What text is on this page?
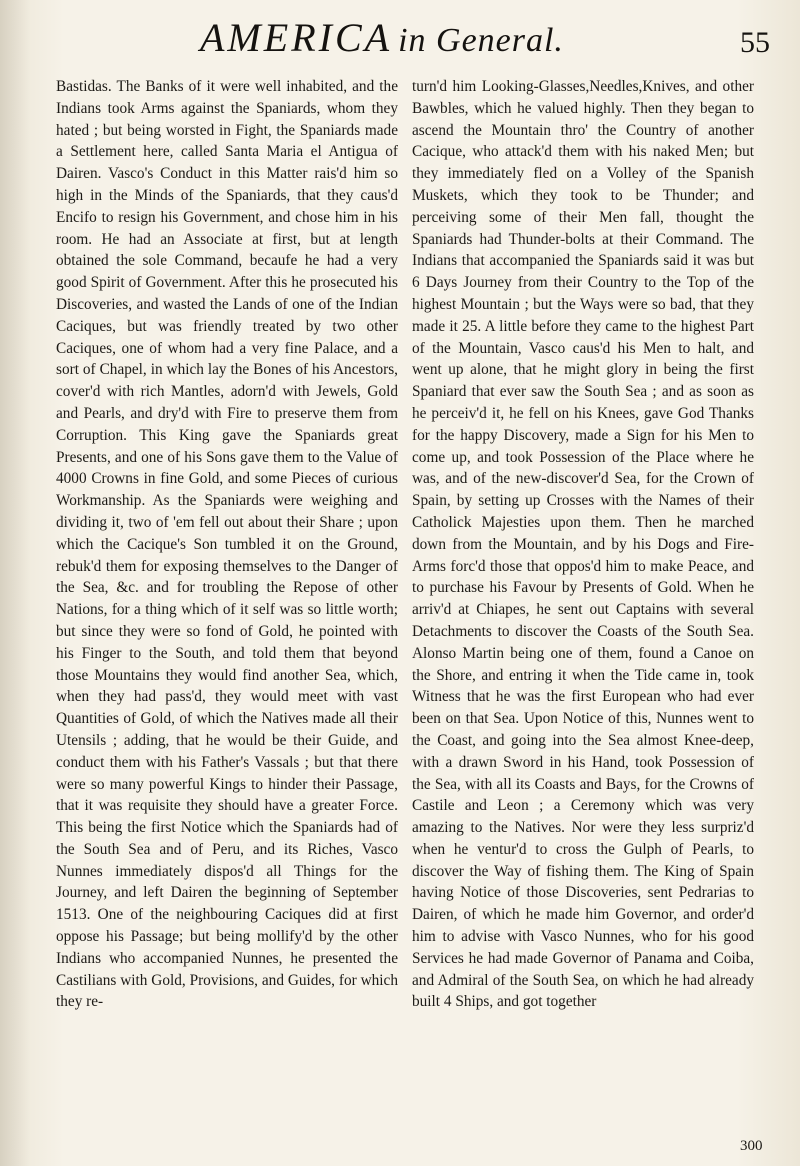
AMERICA in General.	55

Bastidas. The Banks of it were well inhabited, and the Indians took Arms against the Spaniards, whom they hated ; but being worsted in Fight, the Spaniards made a Settlement here, called Santa Maria el Antigua of Dairen. Vasco's Conduct in this Matter rais'd him so high in the Minds of the Spaniards, that they caus'd Encifo to resign his Government, and chose him in his room. He had an Associate at first, but at length obtained the sole Command, becaufe he had a very good Spirit of Government. After this he prosecuted his Discoveries, and wasted the Lands of one of the Indian Caciques, but was friendly treated by two other Caciques, one of whom had a very fine Palace, and a sort of Chapel, in which lay the Bones of his Ancestors, cover'd with rich Mantles, adorn'd with Jewels, Gold and Pearls, and dry'd with Fire to preserve them from Corruption. This King gave the Spaniards great Presents, and one of his Sons gave them to the Value of 4000 Crowns in fine Gold, and some Pieces of curious Workmanship. As the Spaniards were weighing and dividing it, two of 'em fell out about their Share ; upon which the Cacique's Son tumbled it on the Ground, rebuk'd them for exposing themselves to the Danger of the Sea, &c. and for troubling the Repose of other Nations, for a thing which of it self was so little worth; but since they were so fond of Gold, he pointed with his Finger to the South, and told them that beyond those Mountains they would find another Sea, which, when they had pass'd, they would meet with vast Quantities of Gold, of which the Natives made all their Utensils ; adding, that he would be their Guide, and conduct them with his Father's Vassals ; but that there were so many powerful Kings to hinder their Passage, that it was requisite they should have a greater Force. This being the first Notice which the Spaniards had of the South Sea and of Peru, and its Riches, Vasco Nunnes immediately dispos'd all Things for the Journey, and left Dairen the beginning of September 1513. One of the neighbouring Caciques did at first oppose his Passage; but being mollify'd by the other Indians who accompanied Nunnes, he presented the Castilians with Gold, Provisions, and Guides, for which they re-

turn'd him Looking-Glasses,Needles,Knives, and other Bawbles, which he valued highly. Then they began to ascend the Mountain thro' the Country of another Cacique, who attack'd them with his naked Men; but they immediately fled on a Volley of the Spanish Muskets, which they took to be Thunder; and perceiving some of their Men fall, thought the Spaniards had Thunder-bolts at their Command. The Indians that accompanied the Spaniards said it was but 6 Days Journey from their Country to the Top of the highest Mountain ; but the Ways were so bad, that they made it 25. A little before they came to the highest Part of the Mountain, Vasco caus'd his Men to halt, and went up alone, that he might glory in being the first Spaniard that ever saw the South Sea ; and as soon as he perceiv'd it, he fell on his Knees, gave God Thanks for the happy Discovery, made a Sign for his Men to come up, and took Possession of the Place where he was, and of the new-discover'd Sea, for the Crown of Spain, by setting up Crosses with the Names of their Catholick Majesties upon them. Then he marched down from the Mountain, and by his Dogs and Fire-Arms forc'd those that oppos'd him to make Peace, and to purchase his Favour by Presents of Gold. When he arriv'd at Chiapes, he sent out Captains with several Detachments to discover the Coasts of the South Sea. Alonso Martin being one of them, found a Canoe on the Shore, and entring it when the Tide came in, took Witness that he was the first European who had ever been on that Sea. Upon Notice of this, Nunnes went to the Coast, and going into the Sea almost Knee-deep, with a drawn Sword in his Hand, took Possession of the Sea, with all its Coasts and Bays, for the Crowns of Castile and Leon ; a Ceremony which was very amazing to the Natives. Nor were they less surpriz'd when he ventur'd to cross the Gulph of Pearls, to discover the Way of fishing them. The King of Spain having Notice of those Discoveries, sent Pedrarias to Dairen, of which he made him Governor, and order'd him to advise with Vasco Nunnes, who for his good Services he had made Governor of Panama and Coiba, and Admiral of the South Sea, on which he had already built 4 Ships, and got together

300
